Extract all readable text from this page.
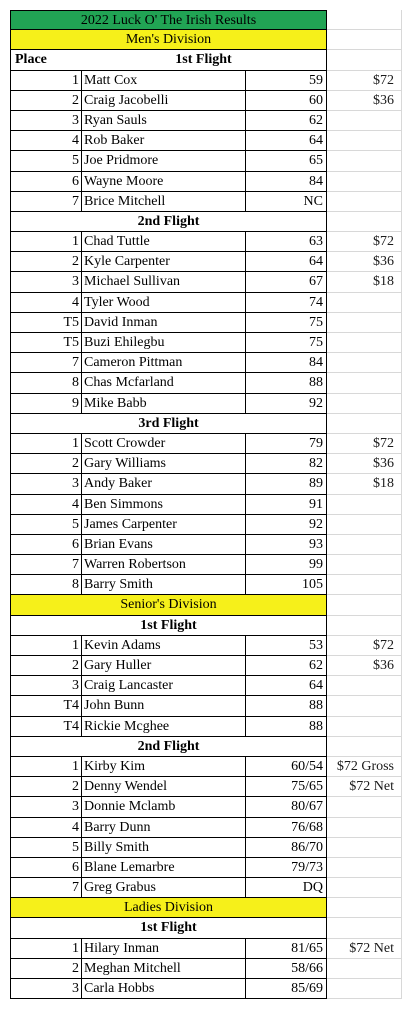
2022 Luck O' The Irish Results
Men's Division
Place	1st Flight
1 Matt Cox	59	$72
2 Craig Jacobelli	60	$36
3 Ryan Sauls	62
4 Rob Baker	64
5 Joe Pridmore	65
6 Wayne Moore	84
7 Brice Mitchell	NC
2nd Flight
1 Chad Tuttle	63	$72
2 Kyle Carpenter	64	$36
3 Michael Sullivan	67	$18
4 Tyler Wood	74
T5 David Inman	75
T5 Buzi Ehilegbu	75
7 Cameron Pittman	84
8 Chas Mcfarland	88
9 Mike Babb	92
3rd Flight
1 Scott Crowder	79	$72
2 Gary Williams	82	$36
3 Andy Baker	89	$18
4 Ben Simmons	91
5 James Carpenter	92
6 Brian Evans	93
7 Warren Robertson	99
8 Barry Smith	105
Senior's Division
1st Flight
1 Kevin Adams	53	$72
2 Gary Huller	62	$36
3 Craig Lancaster	64
T4 John Bunn	88
T4 Rickie Mcghee	88
2nd Flight
1 Kirby Kim	60/54 $72 Gross
2 Denny Wendel	75/65	$72 Net
3 Donnie Mclamb	80/67
4 Barry Dunn	76/68
5 Billy Smith	86/70
6 Blane Lemarbre	79/73
7 Greg Grabus	DQ
Ladies Division
1st Flight
1 Hilary Inman	81/65	$72 Net
2 Meghan Mitchell	58/66
3 Carla Hobbs	85/69
